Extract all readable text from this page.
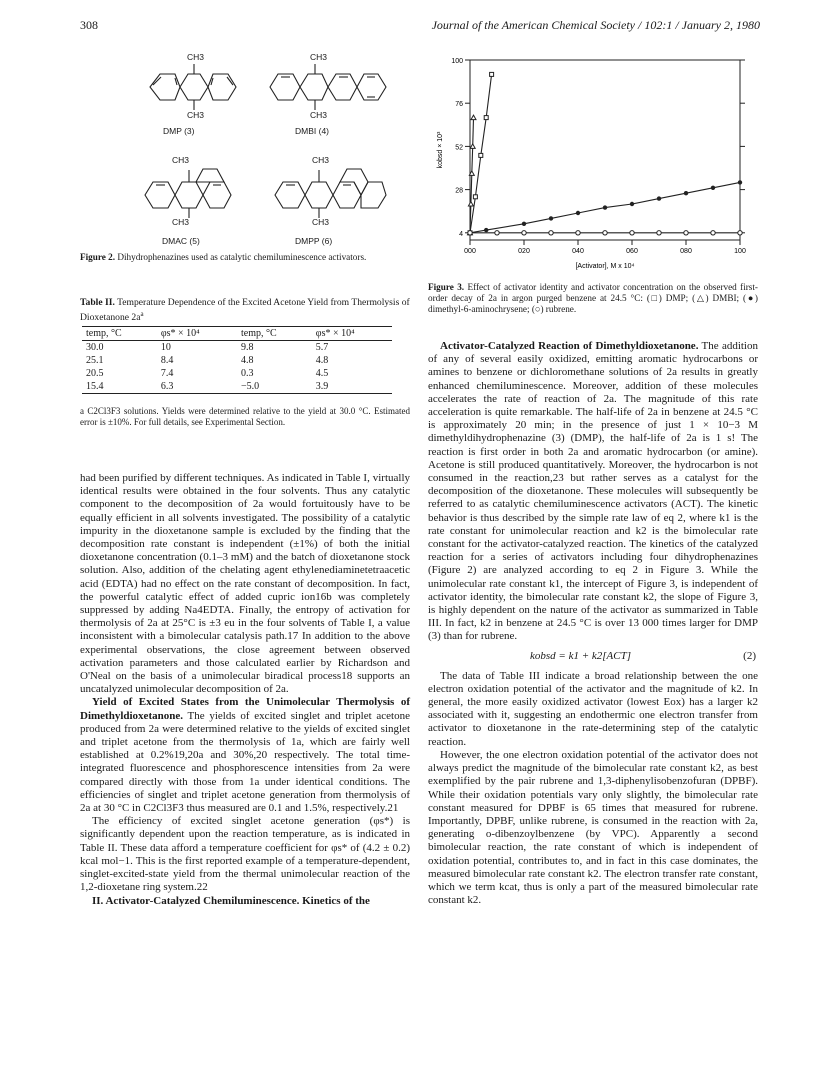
308	Journal of the American Chemical Society / 102:1 / January 2, 1980
CH3
CH3
DMP (3)
CH3
CH3
DMBI (4)
CH3
CH3
DMAC (5)
CH3
CH3
DMPP (6)
Figure 2. Dihydrophenazines used as catalytic chemiluminescence activators.
Table II. Temperature Dependence of the Excited Acetone Yield from Thermolysis of Dioxetanone $2a^a$
temp, °C	φs* × 10⁴	temp, °C	φs* × 10⁴
30.0	10	9.8	5.7
25.1	8.4	4.8	4.8
20.5	7.4	0.3	4.5
15.4	6.3	−5.0	3.9
a C2Cl3F3 solutions. Yields were determined relative to the yield at 30.0 °C. Estimated error is ±10%. For full details, see Experimental Section.

had been purified by different techniques. As indicated in Table I, virtually identical results were obtained in the four solvents. Thus any catalytic component to the decomposition of 2a would fortuitously have to be equally efficient in all solvents investigated. The possibility of a catalytic impurity in the dioxetanone sample is excluded by the finding that the decomposition rate constant is independent (±1%) of both the initial dioxetanone concentration (0.1–3 mM) and the batch of dioxetanone stock solution. Also, addition of the chelating agent ethylenediaminetetraacetic acid (EDTA) had no effect on the rate constant of decomposition. In fact, the powerful catalytic effect of added cupric ion16b was completely suppressed by adding Na4EDTA. Finally, the entropy of activation for thermolysis of 2a at 25°C is ±3 eu in the four solvents of Table I, a value inconsistent with a bimolecular catalysis path.17 In addition to the above experimental observations, the close agreement between observed activation parameters and those calculated earlier by Richardson and O'Neal on the basis of a unimolecular biradical process18 supports an uncatalyzed unimolecular decomposition of 2a.

Yield of Excited States from the Unimolecular Thermolysis of Dimethyldioxetanone. The yields of excited singlet and triplet acetone produced from 2a were determined relative to the yields of excited singlet and triplet acetone from the thermolysis of 1a, which are fairly well established at 0.2%19,20a and 30%,20 respectively. The total time-integrated fluorescence and phosphorescence intensities from 2a were compared directly with those from 1a under identical conditions. The efficiencies of singlet and triplet acetone generation from thermolysis of 2a at 30 °C in C2Cl3F3 thus measured are 0.1 and 1.5%, respectively.21

The efficiency of excited singlet acetone generation (φs*) is significantly dependent upon the reaction temperature, as is indicated in Table II. These data afford a temperature coefficient for φs* of (4.2 ± 0.2) kcal mol−1. This is the first reported example of a temperature-dependent, singlet-excited-state yield from the thermal unimolecular reaction of the 1,2-dioxetane ring system.22

II. Activator-Catalyzed Chemiluminescence. Kinetics of the

000	020	040	060	080	100
4
28
52
76
100
[Activator], M x 10⁴
kobsd × 10³
Figure 3. Effect of activator identity and activator concentration on the observed first-order decay of 2a in argon purged benzene at 24.5 °C: (□) DMP; (△) DMBI; (●) dimethyl-6-aminochrysene; (○) rubrene.

Activator-Catalyzed Reaction of Dimethyldioxetanone. The addition of any of several easily oxidized, emitting aromatic hydrocarbons or amines to benzene or dichloromethane solutions of 2a results in greatly enhanced chemiluminescence. Moreover, addition of these molecules accelerates the rate of reaction of 2a. The magnitude of this rate acceleration is quite remarkable. The half-life of 2a in benzene at 24.5 °C is approximately 20 min; in the presence of just 1 × 10−3 M dimethyldihydrophenazine (3) (DMP), the half-life of 2a is 1 s! The reaction is first order in both 2a and aromatic hydrocarbon (or amine). Acetone is still produced quantitatively. Moreover, the hydrocarbon is not consumed in the reaction,23 but rather serves as a catalyst for the decomposition of the dioxetanone. These molecules will subsequently be referred to as catalytic chemiluminescence activators (ACT). The kinetic behavior is thus described by the simple rate law of eq 2, where k1 is the rate constant for unimolecular reaction and k2 is the bimolecular rate constant for the activator-catalyzed reaction. The kinetics of the catalyzed reaction for a series of activators including four dihydrophenazines (Figure 2) are analyzed according to eq 2 in Figure 3. While the unimolecular rate constant k1, the intercept of Figure 3, is independent of activator identity, the bimolecular rate constant k2, the slope of Figure 3, is highly dependent on the nature of the activator as summarized in Table III. In fact, k2 in benzene at 24.5 °C is over 13 000 times larger for DMP (3) than for rubrene.

kobsd = k1 + k2[ACT]	(2)

The data of Table III indicate a broad relationship between the one electron oxidation potential of the activator and the magnitude of k2. In general, the more easily oxidized activator (lowest Eox) has a larger k2 associated with it, suggesting an endothermic one electron transfer from activator to dioxetanone in the rate-determining step of the catalytic reaction.

However, the one electron oxidation potential of the activator does not always predict the magnitude of the bimolecular rate constant k2, as best exemplified by the pair rubrene and 1,3-diphenylisobenzofuran (DPBF). While their oxidation potentials vary only slightly, the bimolecular rate constant measured for DPBF is 65 times that measured for rubrene. Importantly, DPBF, unlike rubrene, is consumed in the reaction with 2a, generating o-dibenzoylbenzene (by VPC). Apparently a second bimolecular reaction, the rate constant of which is independent of oxidation potential, contributes to, and in fact in this case dominates, the measured bimolecular rate constant k2. The electron transfer rate constant, which we term kcat, thus is only a part of the measured bimolecular rate constant k2.
